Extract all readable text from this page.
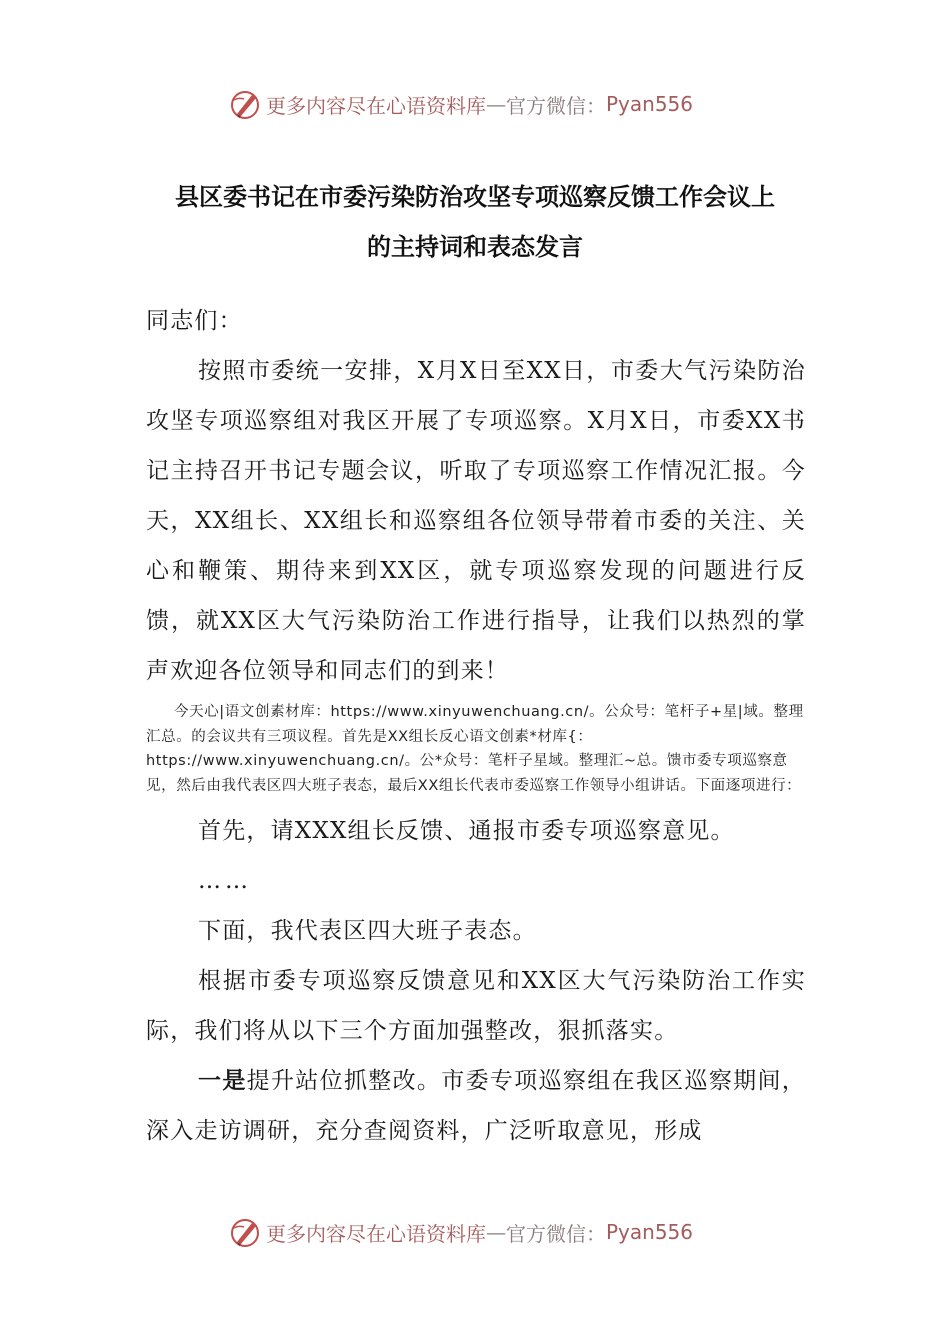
更多内容尽在心语资料库 — 官方微信： Pyan556
县区委书记在市委污染防治攻坚专项巡察反馈工作会议上
的主持词和表态发言

同志们：

按照市委统一安排，X月X日至XX日，市委大气污染防治攻坚专项巡察组对我区开展了专项巡察。X月X日，市委XX书记主持召开书记专题会议，听取了专项巡察工作情况汇报。今天，XX组长、XX组长和巡察组各位领导带着市委的关注、关心和鞭策、期待来到XX区，就专项巡察发现的问题进行反馈，就XX区大气污染防治工作进行指导，让我们以热烈的掌声欢迎各位领导和同志们的到来！

今天心|语文创素材库：https://www.xinyuwenchuang.cn/。公众号：笔杆子+星|域。整理汇总。的会议共有三项议程。首先是XX组长反心语文创素*材库{：https://www.xinyuwenchuang.cn/。公*众号：笔杆子星域。整理汇~总。馈市委专项巡察意见，然后由我代表区四大班子表态，最后XX组长代表市委巡察工作领导小组讲话。下面逐项进行：

首先，请XXX组长反馈、通报市委专项巡察意见。

……

下面，我代表区四大班子表态。

根据市委专项巡察反馈意见和XX区大气污染防治工作实际，我们将从以下三个方面加强整改，狠抓落实。

一是提升站位抓整改。市委专项巡察组在我区巡察期间，深入走访调研，充分查阅资料，广泛听取意见，形成

更多内容尽在心语资料库 — 官方微信： Pyan556
